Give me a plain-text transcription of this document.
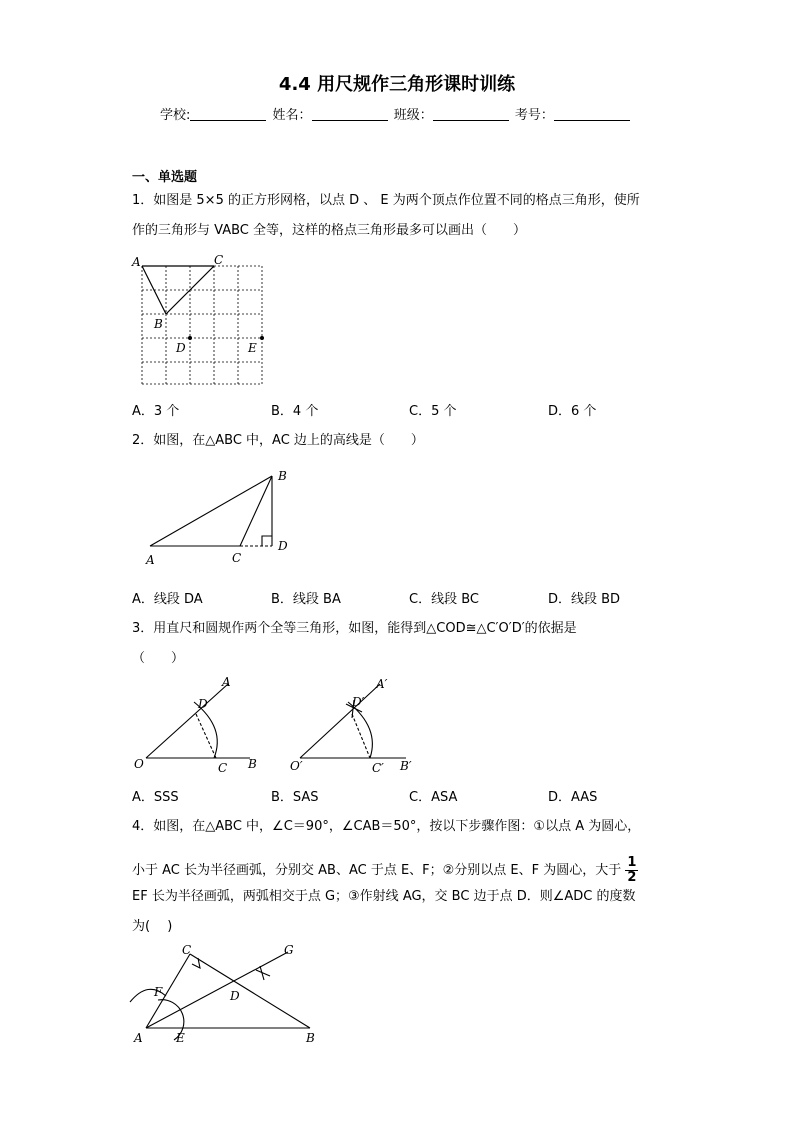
4.4 用尺规作三角形课时训练
学校:	姓名：	班级：	考号：
一、单选题
1．如图是 5×5 的正方形网格，以点 D 、 E 为两个顶点作位置不同的格点三角形，使所
作的三角形与 VABC 全等，这样的格点三角形最多可以画出（　　）
A	C
B
D	E
A．3 个	B．4 个	C．5 个	D．6 个
2．如图，在△ABC 中，AC 边上的高线是（　　）
A	C
B
D
A．线段 DA	B．线段 BA	C．线段 BC	D．线段 BD
3．用直尺和圆规作两个全等三角形，如图，能得到△COD≅△C′O′D′的依据是
（　　）
O
A
D
C B	O′
A′
D′
C′ B′
A．SSS	B．SAS	C．ASA	D．AAS
4．如图，在△ABC 中，∠C＝90°，∠CAB＝50°，按以下步骤作图：①以点 A 为圆心，
小于 AC 长为半径画弧，分别交 AB、AC 于点 E、F；②分别以点 E、F 为圆心，大于 $\frac{1}{2}$
EF 长为半径画弧，两弧相交于点 G；③作射线 AG，交 BC 边于点 D．则∠ADC 的度数
为(　 )
A	E
F
C
D
G
B
